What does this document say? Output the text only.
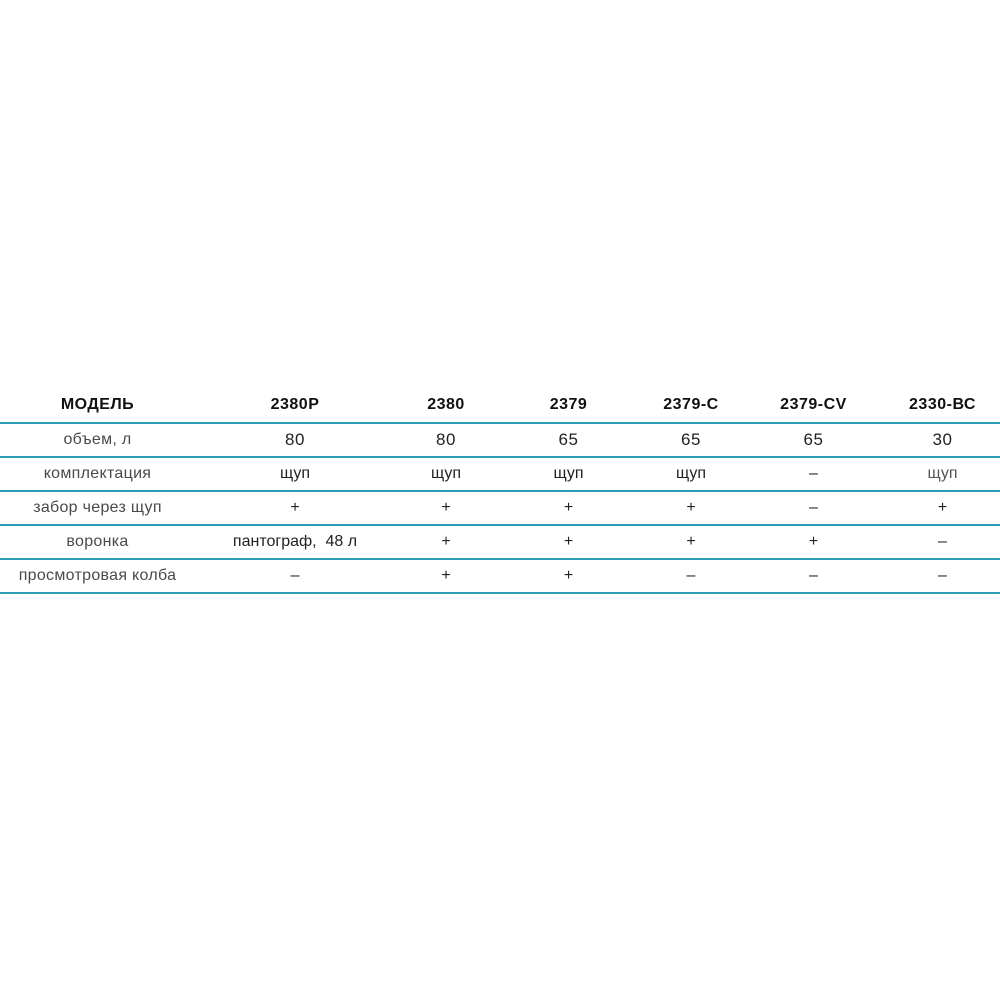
МОДЕЛЬ	2380Р	2380	2379	2379-С	2379-CV	2330-ВС
объем, л	80	80	65	65	65	30
комплектация	щуп	щуп	щуп	щуп	–	щуп
забор через щуп	+	+	+	+	–	+
воронка	пантограф,  48 л	+	+	+	+	–
просмотровая колба	–	+	+	–	–	–
